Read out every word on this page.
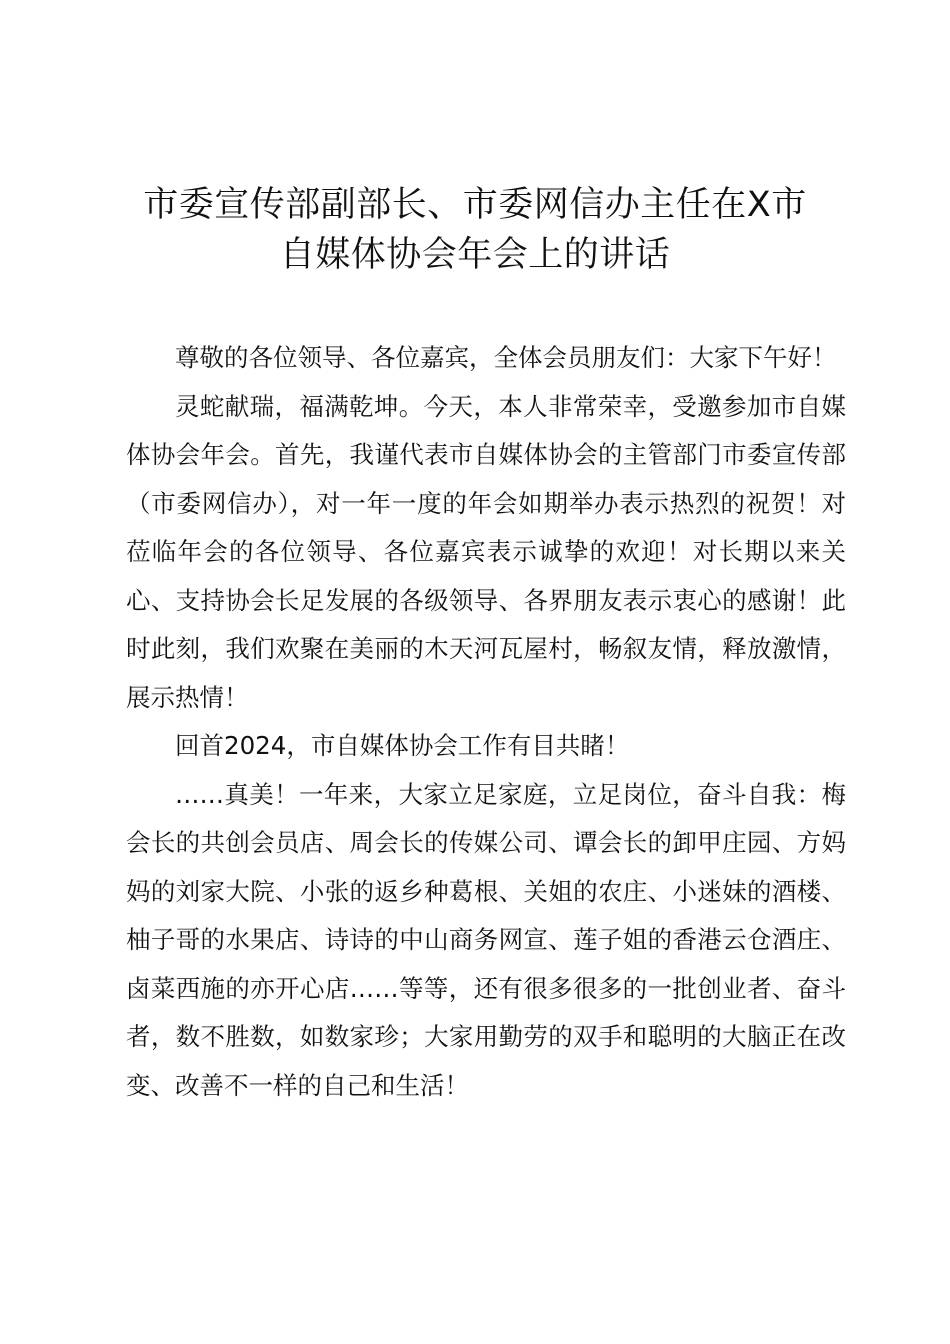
市委宣传部副部长、市委网信办主任在X市
自媒体协会年会上的讲话

尊敬的各位领导、各位嘉宾，全体会员朋友们：大家下午好！

灵蛇献瑞，福满乾坤。今天，本人非常荣幸，受邀参加市自媒体协会年会。首先，我谨代表市自媒体协会的主管部门市委宣传部（市委网信办），对一年一度的年会如期举办表示热烈的祝贺！对莅临年会的各位领导、各位嘉宾表示诚挚的欢迎！对长期以来关心、支持协会长足发展的各级领导、各界朋友表示衷心的感谢！此时此刻，我们欢聚在美丽的木天河瓦屋村，畅叙友情，释放激情，展示热情！

回首2024，市自媒体协会工作有目共睹！

……真美！一年来，大家立足家庭，立足岗位，奋斗自我：梅会长的共创会员店、周会长的传媒公司、谭会长的卸甲庄园、方妈妈的刘家大院、小张的返乡种葛根、关姐的农庄、小迷妹的酒楼、柚子哥的水果店、诗诗的中山商务网宣、莲子姐的香港云仓酒庄、卤菜西施的亦开心店……等等，还有很多很多的一批创业者、奋斗者，数不胜数，如数家珍；大家用勤劳的双手和聪明的大脑正在改变、改善不一样的自己和生活！
